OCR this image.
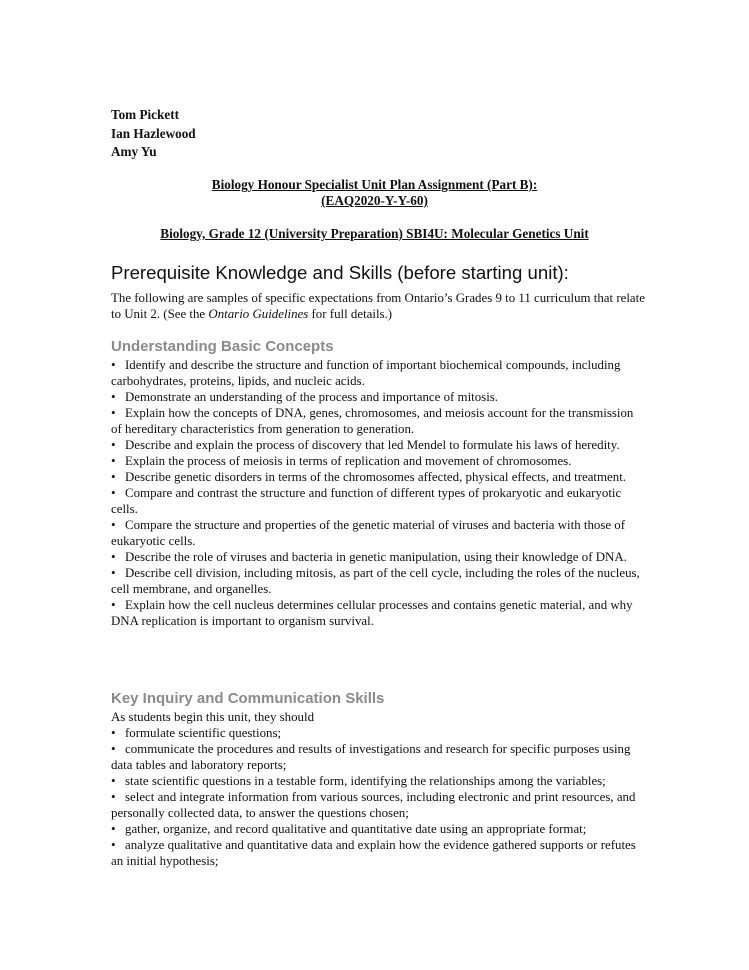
Tom Pickett
Ian Hazlewood
Amy Yu
Biology Honour Specialist Unit Plan Assignment (Part B):
(EAQ2020-Y-Y-60)
Biology, Grade 12 (University Preparation) SBI4U: Molecular Genetics Unit
Prerequisite Knowledge and Skills (before starting unit):

The following are samples of specific expectations from Ontario’s Grades 9 to 11 curriculum that relate to Unit 2. (See the Ontario Guidelines for full details.)

Understanding Basic Concepts
• Identify and describe the structure and function of important biochemical compounds, including carbohydrates, proteins, lipids, and nucleic acids.
• Demonstrate an understanding of the process and importance of mitosis.
• Explain how the concepts of DNA, genes, chromosomes, and meiosis account for the transmission of hereditary characteristics from generation to generation.
• Describe and explain the process of discovery that led Mendel to formulate his laws of heredity.
• Explain the process of meiosis in terms of replication and movement of chromosomes.
• Describe genetic disorders in terms of the chromosomes affected, physical effects, and treatment.
• Compare and contrast the structure and function of different types of prokaryotic and eukaryotic cells.
• Compare the structure and properties of the genetic material of viruses and bacteria with those of eukaryotic cells.
• Describe the role of viruses and bacteria in genetic manipulation, using their knowledge of DNA.
• Describe cell division, including mitosis, as part of the cell cycle, including the roles of the nucleus, cell membrane, and organelles.
• Explain how the cell nucleus determines cellular processes and contains genetic material, and why DNA replication is important to organism survival.
Key Inquiry and Communication Skills
As students begin this unit, they should
• formulate scientific questions;
• communicate the procedures and results of investigations and research for specific purposes using data tables and laboratory reports;
• state scientific questions in a testable form, identifying the relationships among the variables;
• select and integrate information from various sources, including electronic and print resources, and personally collected data, to answer the questions chosen;
• gather, organize, and record qualitative and quantitative date using an appropriate format;
• analyze qualitative and quantitative data and explain how the evidence gathered supports or refutes an initial hypothesis;
